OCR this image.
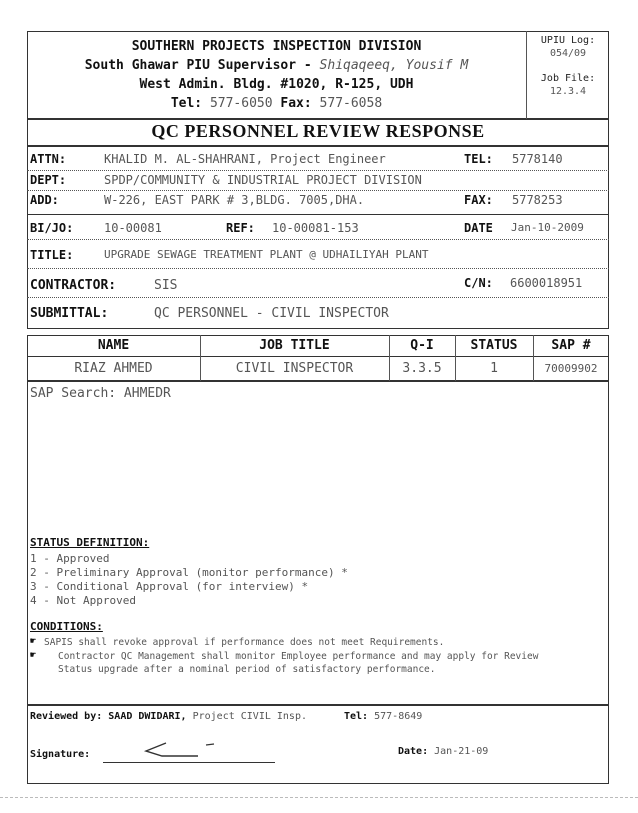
SOUTHERN PROJECTS INSPECTION DIVISION
South Ghawar PIU Supervisor - Shiqaqeeq, Yousif M
West Admin. Bldg. #1020, R-125, UDH
Tel: 577-6050 Fax: 577-6058
UPIU Log:
054/09
Job File:
12.3.4
QC PERSONNEL REVIEW RESPONSE
ATTN:	KHALID M. AL-SHAHRANI, Project Engineer	TEL: 5778140
DEPT:	SPDP/COMMUNITY & INDUSTRIAL PROJECT DIVISION
ADD:	W-226, EAST PARK # 3,BLDG. 7005,DHA.	FAX: 5778253
BI/JO:	10-00081	REF: 10-00081-153	DATE Jan-10-2009
TITLE:	UPGRADE SEWAGE TREATMENT PLANT @ UDHAILIYAH PLANT
CONTRACTOR:	SIS	C/N: 6600018951
SUBMITTAL:	QC PERSONNEL - CIVIL INSPECTOR
NAME	JOB TITLE	Q-I	STATUS	SAP #
RIAZ AHMED	CIVIL INSPECTOR	3.3.5	1	70009902
SAP Search: AHMEDR
STATUS DEFINITION:
1 - Approved
2 - Preliminary Approval (monitor performance) *
3 - Conditional Approval (for interview) *
4 - Not Approved
CONDITIONS:
☛ SAPIS shall revoke approval if performance does not meet Requirements.
☛ Contractor QC Management shall monitor Employee performance and may apply for Review
Status upgrade after a nominal period of satisfactory performance.
Reviewed by: SAAD DWIDARI, Project CIVIL Insp.	Tel: 577-8649
Signature:	Date: Jan-21-09
